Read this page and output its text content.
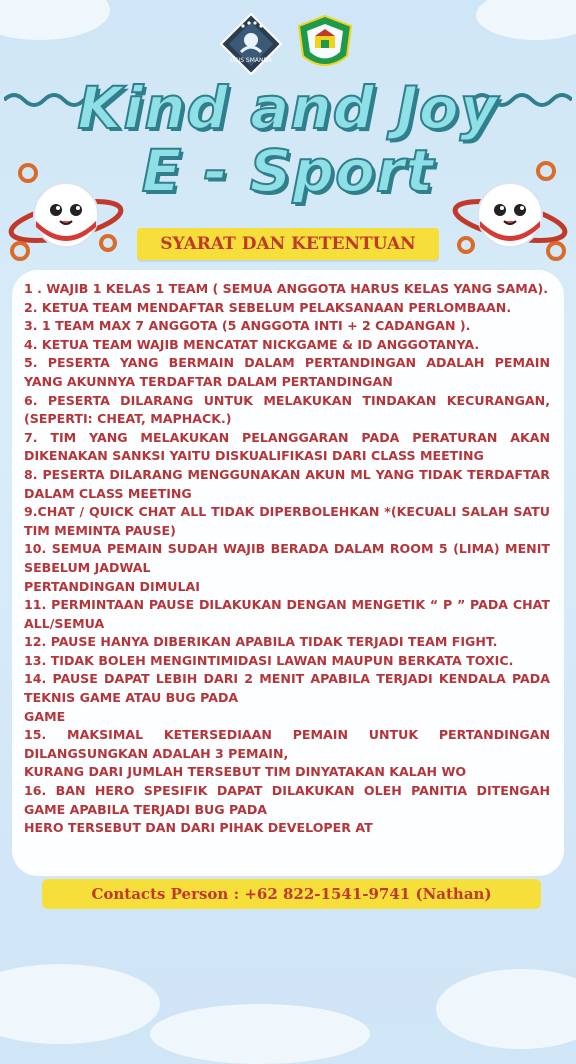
OSIS SMANDA
Kind and Joy
E - Sport
SYARAT DAN KETENTUAN
1 . WAJIB 1 KELAS 1 TEAM ( SEMUA ANGGOTA HARUS KELAS YANG SAMA).
2. KETUA TEAM MENDAFTAR SEBELUM PELAKSANAAN PERLOMBAAN.
3. 1 TEAM MAX 7 ANGGOTA (5 ANGGOTA INTI + 2 CADANGAN ).
4. KETUA TEAM WAJIB MENCATAT NICKGAME & ID ANGGOTANYA.
5. PESERTA YANG BERMAIN DALAM PERTANDINGAN ADALAH PEMAIN YANG AKUNNYA TERDAFTAR DALAM PERTANDINGAN
6. PESERTA DILARANG UNTUK MELAKUKAN TINDAKAN KECURANGAN, (SEPERTI: CHEAT, MAPHACK.)
7. TIM YANG MELAKUKAN PELANGGARAN PADA PERATURAN AKAN DIKENAKAN SANKSI YAITU DISKUALIFIKASI DARI CLASS MEETING
8. PESERTA DILARANG MENGGUNAKAN AKUN ML YANG TIDAK TERDAFTAR DALAM CLASS MEETING
9.CHAT / QUICK CHAT ALL TIDAK DIPERBOLEHKAN *(KECUALI SALAH SATU TIM MEMINTA PAUSE)
10. SEMUA PEMAIN SUDAH WAJIB BERADA DALAM ROOM 5 (LIMA) MENIT SEBELUM JADWAL
PERTANDINGAN DIMULAI
11. PERMINTAAN PAUSE DILAKUKAN DENGAN MENGETIK “ P ” PADA CHAT ALL/SEMUA
12. PAUSE HANYA DIBERIKAN APABILA TIDAK TERJADI TEAM FIGHT.
13. TIDAK BOLEH MENGINTIMIDASI LAWAN MAUPUN BERKATA TOXIC.
14. PAUSE DAPAT LEBIH DARI 2 MENIT APABILA TERJADI KENDALA PADA TEKNIS GAME ATAU BUG PADA
GAME
15. MAKSIMAL KETERSEDIAAN PEMAIN UNTUK PERTANDINGAN DILANGSUNGKAN ADALAH 3 PEMAIN,
KURANG DARI JUMLAH TERSEBUT TIM DINYATAKAN KALAH WO
16. BAN HERO SPESIFIK DAPAT DILAKUKAN OLEH PANITIA DITENGAH GAME APABILA TERJADI BUG PADA
HERO TERSEBUT DAN DARI PIHAK DEVELOPER AT
Contacts Person : +62 822-1541-9741 (Nathan)
